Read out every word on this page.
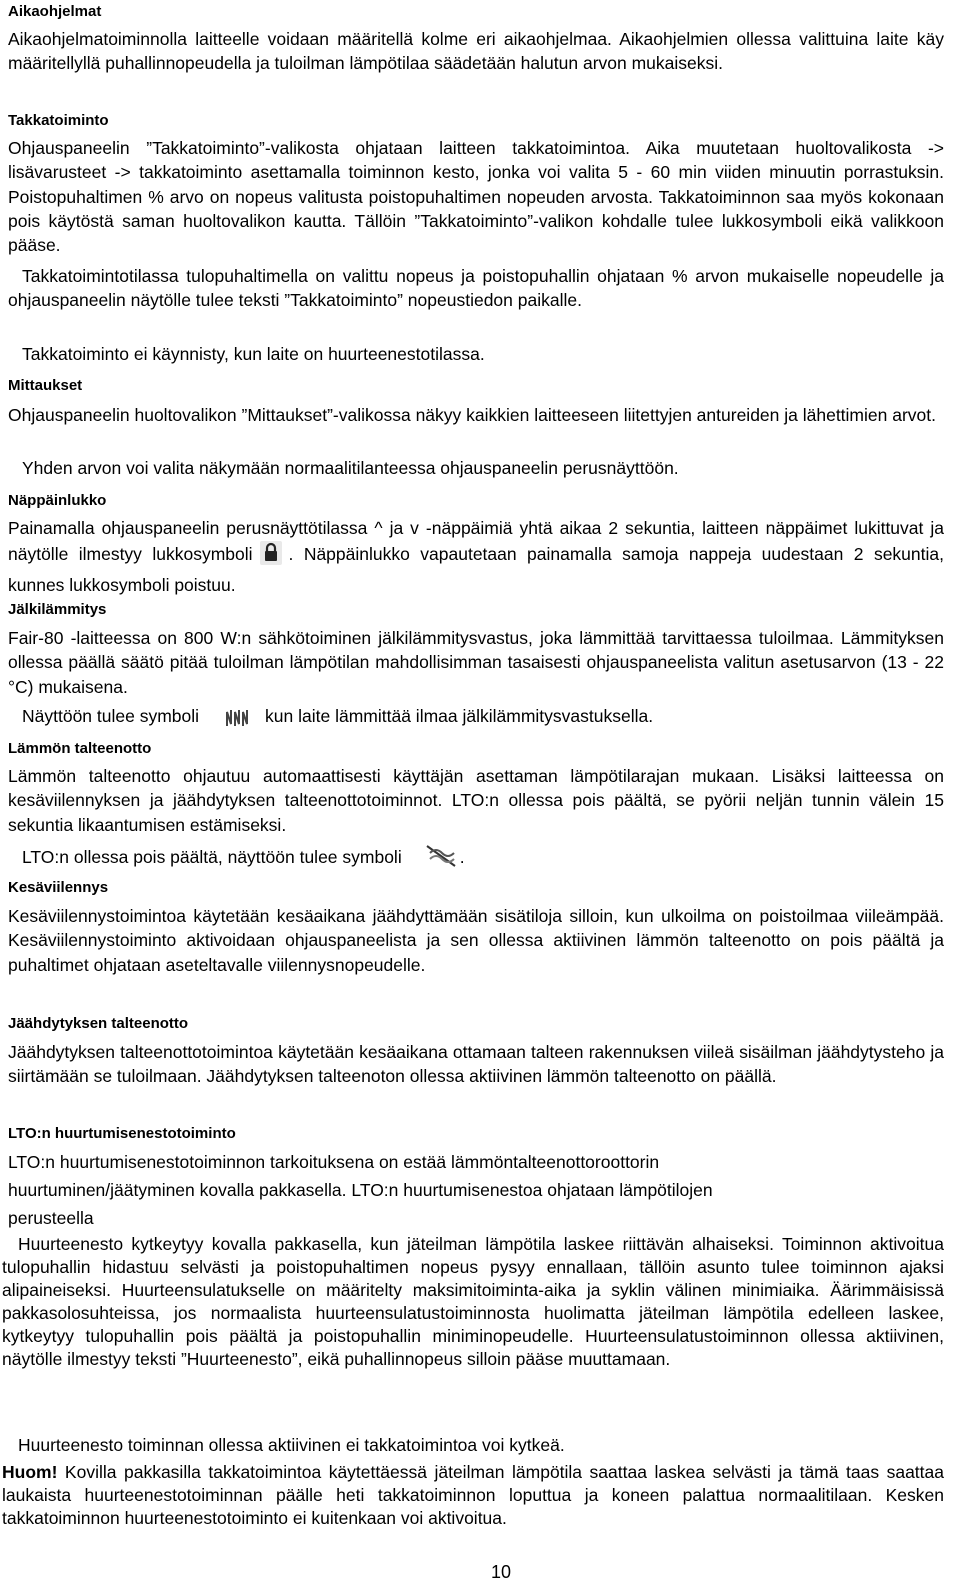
Aikaohjelmat
Aikaohjelmatoiminnolla laitteelle voidaan määritellä kolme eri aikaohjelmaa. Aikaohjelmien ollessa valittuina laite käy määritellyllä puhallinnopeudella ja tuloilman lämpötilaa säädetään halutun arvon mukaiseksi.
Takkatoiminto
Ohjauspaneelin ”Takkatoiminto”-valikosta ohjataan laitteen takkatoimintoa. Aika muutetaan huoltovalikosta -> lisävarusteet -> takkatoiminto asettamalla toiminnon kesto, jonka voi valita 5 - 60 min viiden minuutin porrastuksin. Poistopuhaltimen % arvo on nopeus valitusta poistopuhaltimen nopeuden arvosta. Takkatoiminnon saa myös kokonaan pois käytöstä saman huoltovalikon kautta. Tällöin ”Takkatoiminto”-valikon kohdalle tulee lukkosymboli eikä valikkoon pääse.
Takkatoimintotilassa tulopuhaltimella on valittu nopeus ja poistopuhallin ohjataan % arvon mukaiselle nopeudelle ja ohjauspaneelin näytölle tulee teksti ”Takkatoiminto” nopeustiedon paikalle.
Takkatoiminto ei käynnisty, kun laite on huurteenestotilassa.
Mittaukset
Ohjauspaneelin huoltovalikon ”Mittaukset”-valikossa näkyy kaikkien laitteeseen liitettyjen antureiden ja lähettimien arvot.
Yhden arvon voi valita näkymään normaalitilanteessa ohjauspaneelin perusnäyttöön.
Näppäinlukko
Painamalla ohjauspaneelin perusnäyttötilassa ^ ja v -näppäimiä yhtä aikaa 2 sekuntia, laitteen näppäimet lukittuvat ja näytölle ilmestyy lukkosymboli . Näppäinlukko vapautetaan painamalla samoja nappeja uudestaan 2 sekuntia, kunnes lukkosymboli poistuu.
Jälkilämmitys
Fair-80 -laitteessa on 800 W:n sähkötoiminen jälkilämmitysvastus, joka lämmittää tarvittaessa tuloilmaa. Lämmityksen ollessa päällä säätö pitää tuloilman lämpötilan mahdollisimman tasaisesti ohjauspaneelista valitun asetusarvon (13 - 22 °C) mukaisena.
Näyttöön tulee symboli	kun laite lämmittää ilmaa jälkilämmitysvastuksella.
Lämmön talteenotto
Lämmön talteenotto ohjautuu automaattisesti käyttäjän asettaman lämpötilarajan mukaan. Lisäksi laitteessa on kesäviilennyksen ja jäähdytyksen talteenottotoiminnot. LTO:n ollessa pois päältä, se pyörii neljän tunnin välein 15 sekuntia likaantumisen estämiseksi.
LTO:n ollessa pois päältä, näyttöön tulee symboli	.
Kesäviilennys
Kesäviilennystoimintoa käytetään kesäaikana jäähdyttämään sisätiloja silloin, kun ulkoilma on poistoilmaa viileämpää. Kesäviilennystoiminto aktivoidaan ohjauspaneelista ja sen ollessa aktiivinen lämmön talteenotto on pois päältä ja puhaltimet ohjataan aseteltavalle viilennysnopeudelle.
Jäähdytyksen talteenotto
Jäähdytyksen talteenottotoimintoa käytetään kesäaikana ottamaan talteen rakennuksen viileä sisäilman jäähdytysteho ja siirtämään se tuloilmaan. Jäähdytyksen talteenoton ollessa aktiivinen lämmön talteenotto on päällä.
LTO:n huurtumisenestotoiminto
LTO:n huurtumisenestotoiminnon tarkoituksena on estää lämmöntalteenottoroottorin
huurtuminen/jäätyminen kovalla pakkasella. LTO:n huurtumisenestoa ohjataan lämpötilojen
perusteella
Huurteenesto kytkeytyy kovalla pakkasella, kun jäteilman lämpötila laskee riittävän alhaiseksi. Toiminnon aktivoitua tulopuhallin hidastuu selvästi ja poistopuhaltimen nopeus pysyy ennallaan, tällöin asunto tulee toiminnon ajaksi alipaineiseksi. Huurteensulatukselle on määritelty maksimitoiminta-aika ja syklin välinen minimiaika. Äärimmäisissä pakkasolosuhteissa, jos normaalista huurteensulatustoiminnosta huolimatta jäteilman lämpötila edelleen laskee, kytkeytyy tulopuhallin pois päältä ja poistopuhallin miniminopeudelle. Huurteensulatustoiminnon ollessa aktiivinen, näytölle ilmestyy teksti ”Huurteenesto”, eikä puhallinnopeus silloin pääse muuttamaan.
Huurteenesto toiminnan ollessa aktiivinen ei takkatoimintoa voi kytkeä.
Huom! Kovilla pakkasilla takkatoimintoa käytettäessä jäteilman lämpötila saattaa laskea selvästi ja tämä taas saattaa laukaista huurteenestotoiminnan päälle heti takkatoiminnon loputtua ja koneen palattua normaalitilaan. Kesken takkatoiminnon huurteenestotoiminto ei kuitenkaan voi aktivoitua.
10
